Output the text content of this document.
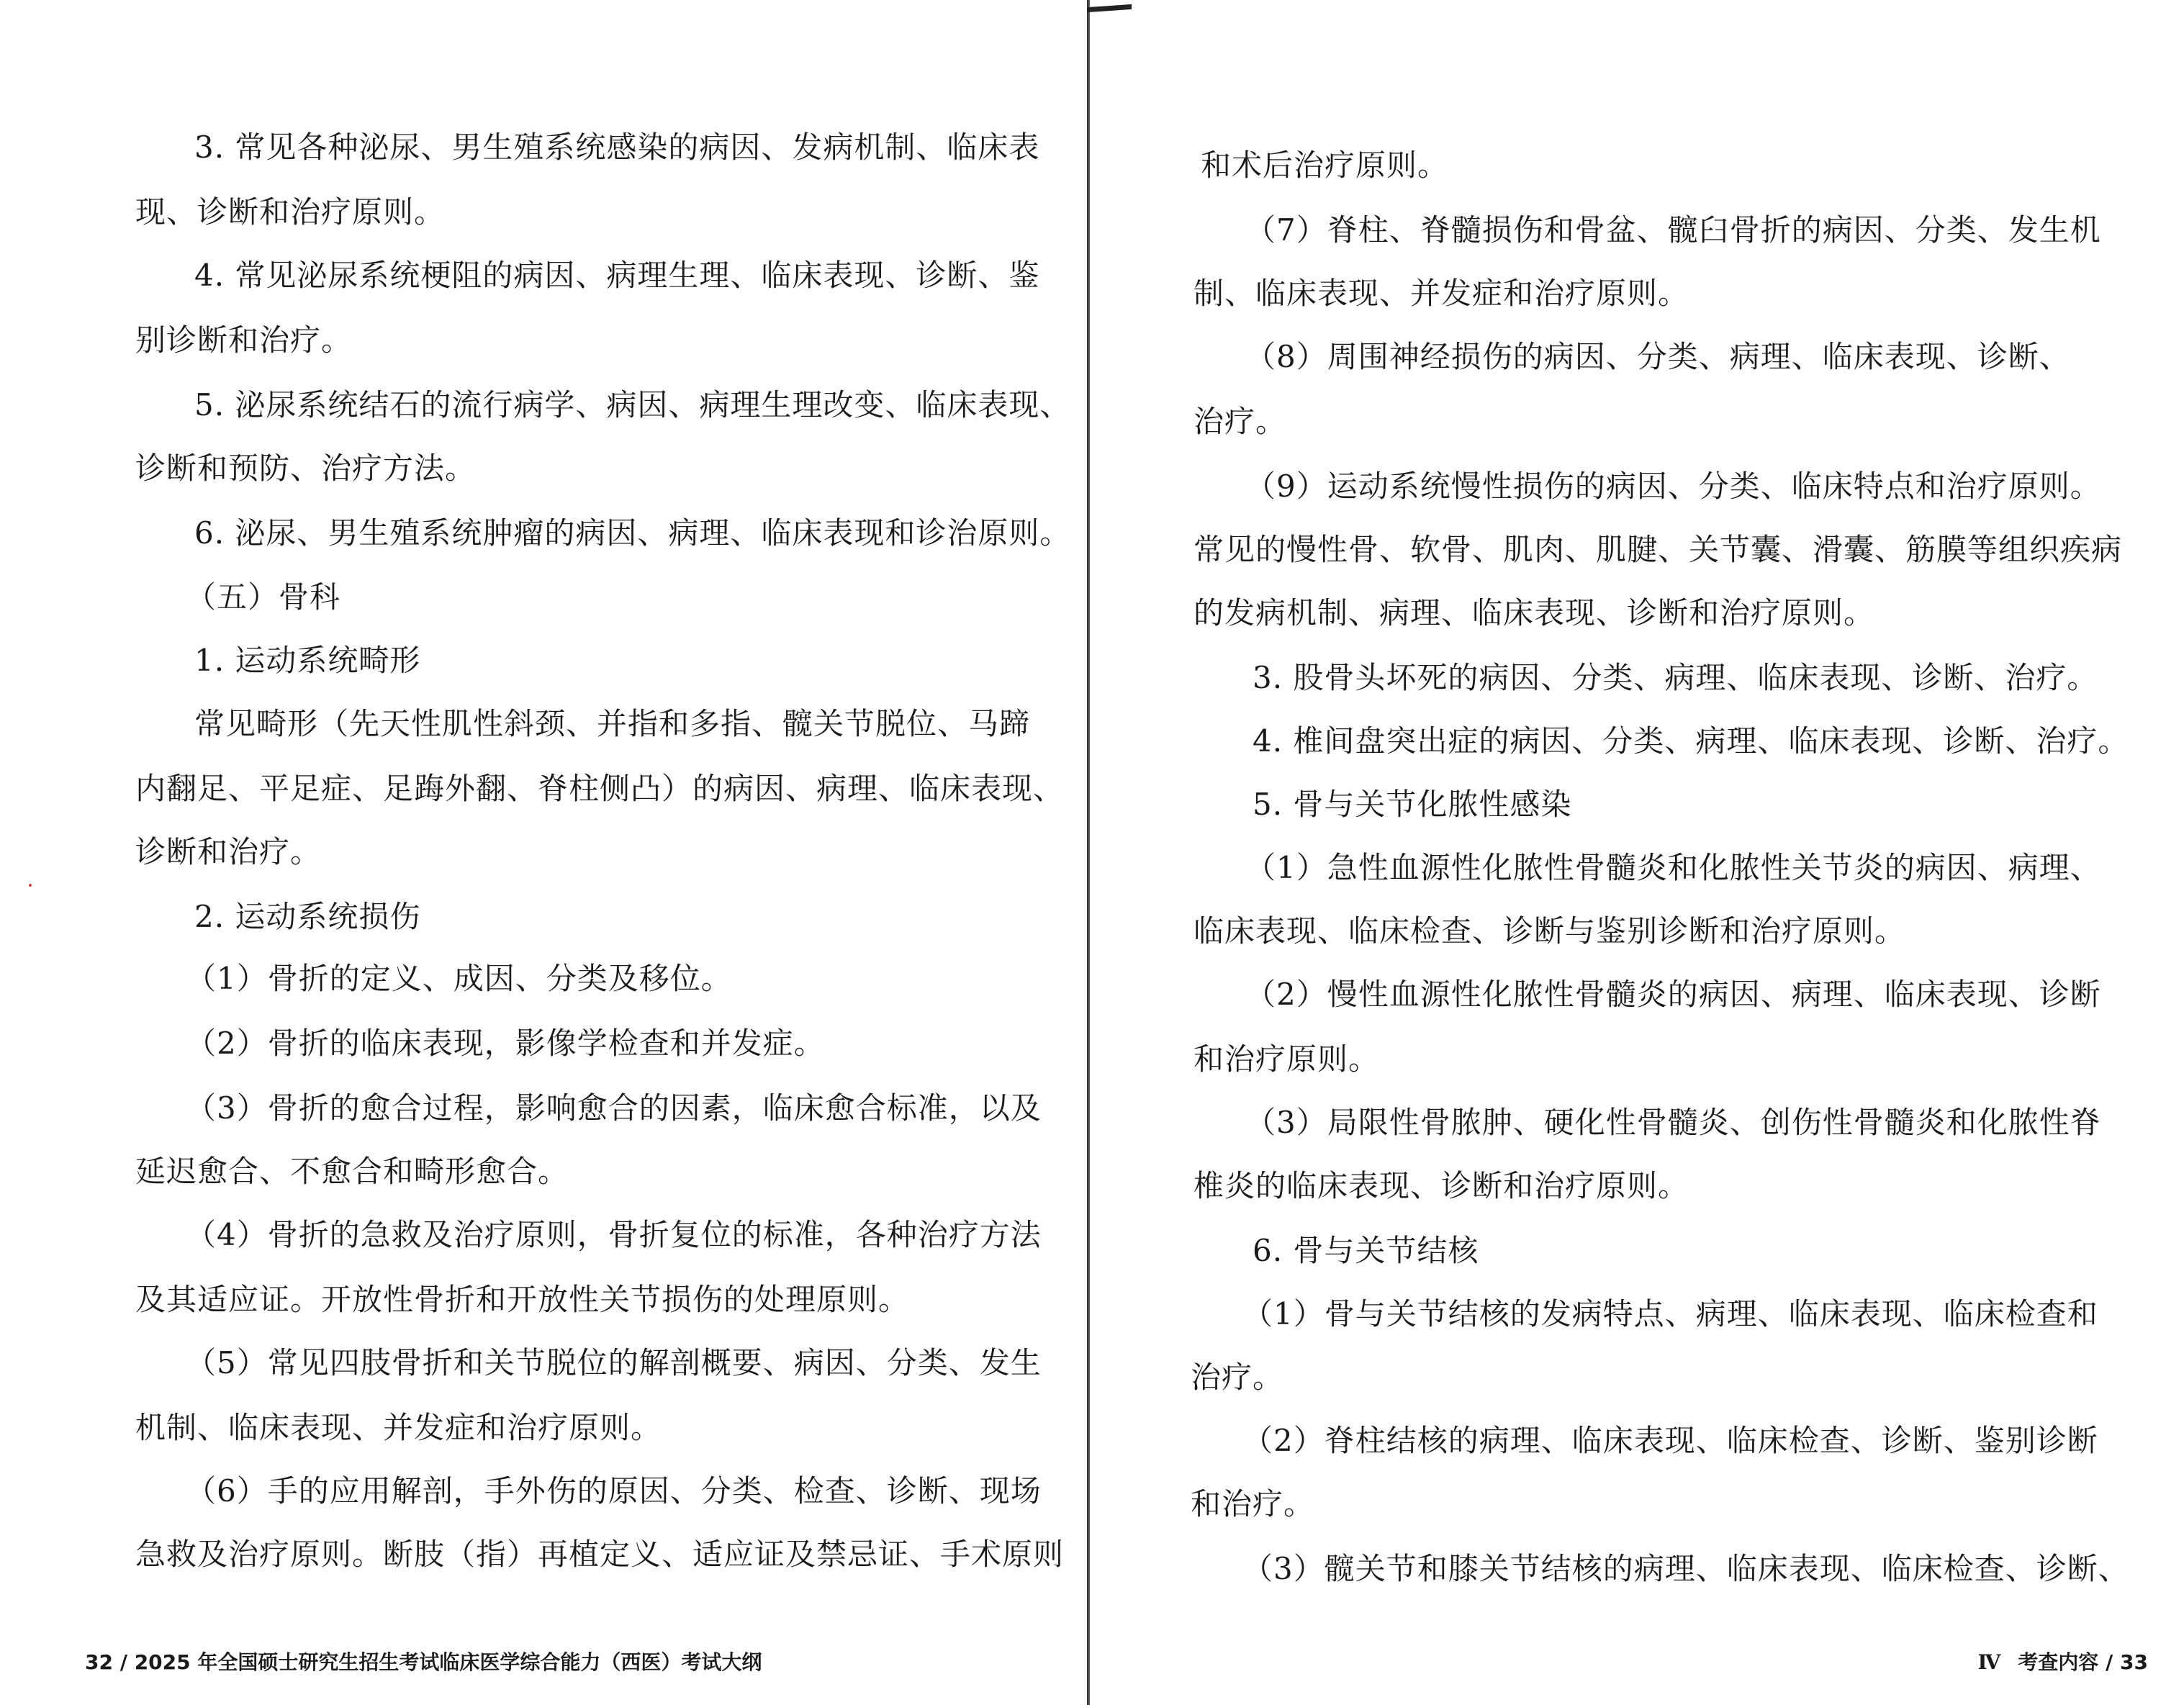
3. 常见各种泌尿、男生殖系统感染的病因、发病机制、临床表
现、诊断和治疗原则。
4. 常见泌尿系统梗阻的病因、病理生理、临床表现、诊断、鉴
别诊断和治疗。
5. 泌尿系统结石的流行病学、病因、病理生理改变、临床表现、
诊断和预防、治疗方法。
6. 泌尿、男生殖系统肿瘤的病因、病理、临床表现和诊治原则。
（五）骨科
1. 运动系统畸形
常见畸形（先天性肌性斜颈、并指和多指、髋关节脱位、马蹄
内翻足、平足症、足踇外翻、脊柱侧凸）的病因、病理、临床表现、
诊断和治疗。
2. 运动系统损伤
（1）骨折的定义、成因、分类及移位。
（2）骨折的临床表现，影像学检查和并发症。
（3）骨折的愈合过程，影响愈合的因素，临床愈合标准，以及
延迟愈合、不愈合和畸形愈合。
（4）骨折的急救及治疗原则，骨折复位的标准，各种治疗方法
及其适应证。开放性骨折和开放性关节损伤的处理原则。
（5）常见四肢骨折和关节脱位的解剖概要、病因、分类、发生
机制、临床表现、并发症和治疗原则。
（6）手的应用解剖，手外伤的原因、分类、检查、诊断、现场
急救及治疗原则。断肢（指）再植定义、适应证及禁忌证、手术原则
和术后治疗原则。
（7）脊柱、脊髓损伤和骨盆、髋臼骨折的病因、分类、发生机
制、临床表现、并发症和治疗原则。
（8）周围神经损伤的病因、分类、病理、临床表现、诊断、
治疗。
（9）运动系统慢性损伤的病因、分类、临床特点和治疗原则。
常见的慢性骨、软骨、肌肉、肌腱、关节囊、滑囊、筋膜等组织疾病
的发病机制、病理、临床表现、诊断和治疗原则。
3. 股骨头坏死的病因、分类、病理、临床表现、诊断、治疗。
4. 椎间盘突出症的病因、分类、病理、临床表现、诊断、治疗。
5. 骨与关节化脓性感染
（1）急性血源性化脓性骨髓炎和化脓性关节炎的病因、病理、
临床表现、临床检查、诊断与鉴别诊断和治疗原则。
（2）慢性血源性化脓性骨髓炎的病因、病理、临床表现、诊断
和治疗原则。
（3）局限性骨脓肿、硬化性骨髓炎、创伤性骨髓炎和化脓性脊
椎炎的临床表现、诊断和治疗原则。
6. 骨与关节结核
（1）骨与关节结核的发病特点、病理、临床表现、临床检查和
治疗。
（2）脊柱结核的病理、临床表现、临床检查、诊断、鉴别诊断
和治疗。
（3）髋关节和膝关节结核的病理、临床表现、临床检查、诊断、
32 / 2025 年全国硕士研究生招生考试临床医学综合能力（西医）考试大纲	Ⅳ 考查内容 / 33
